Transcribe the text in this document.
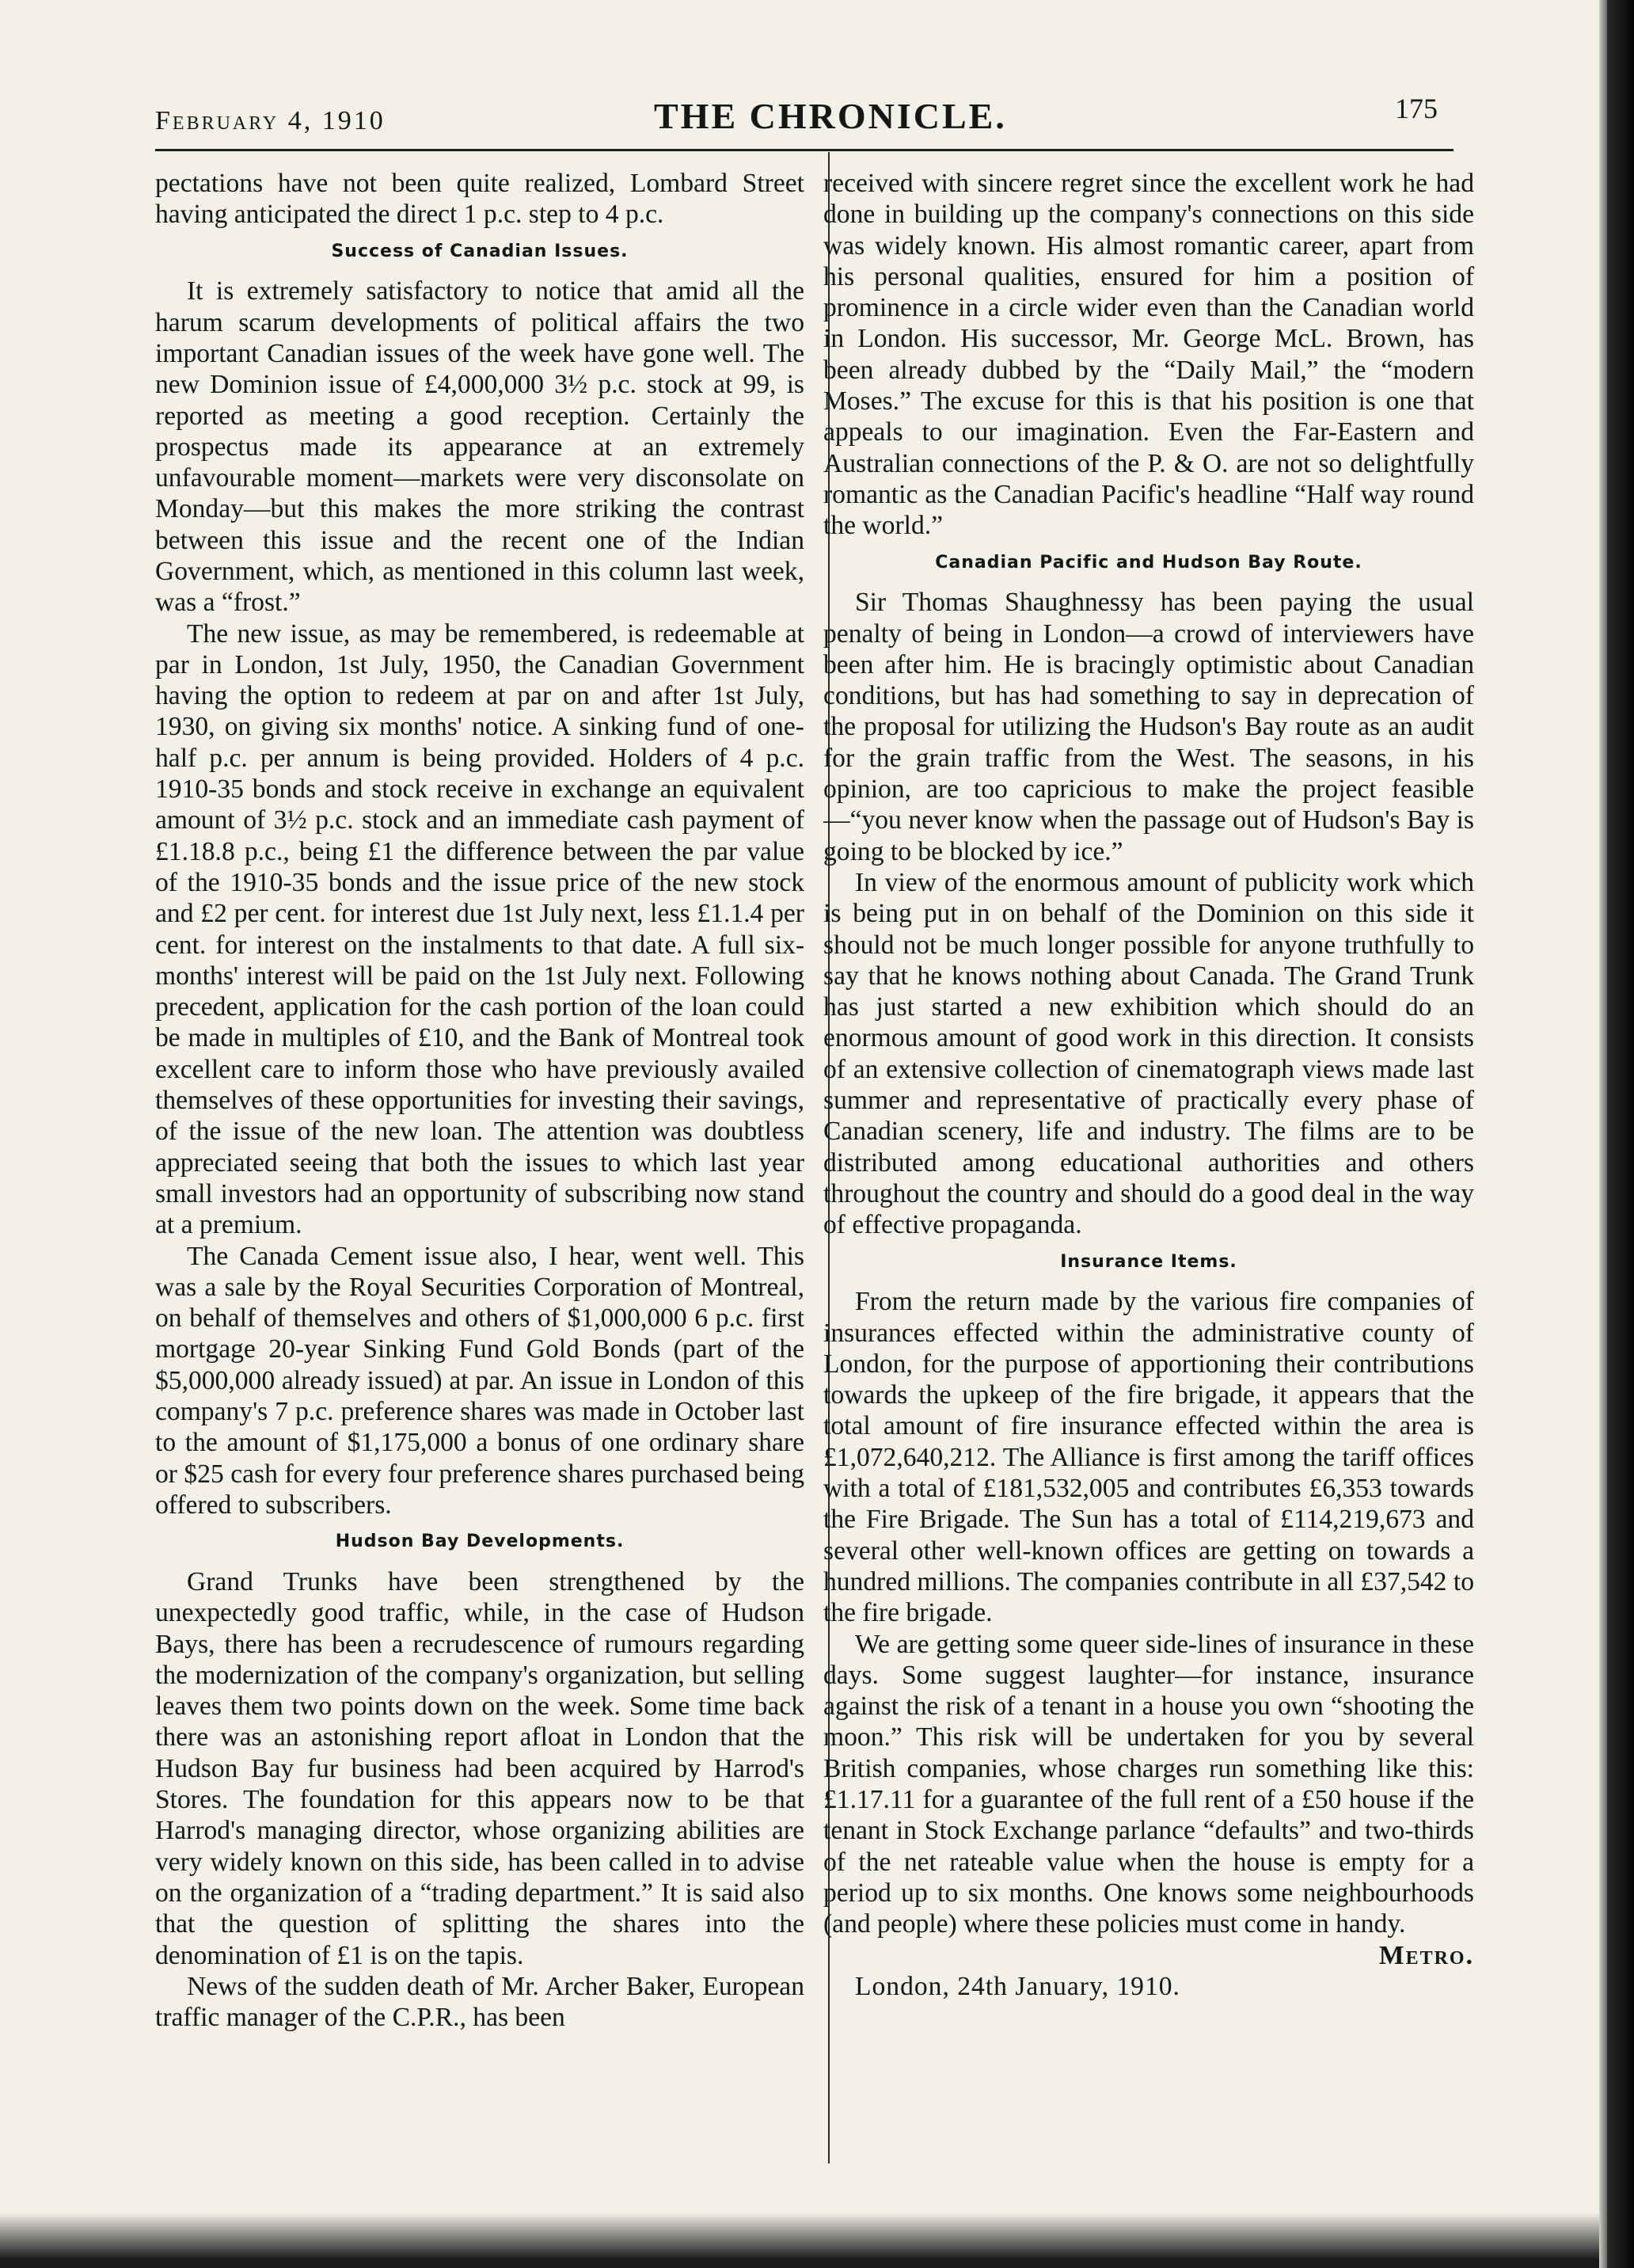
February 4, 1910	THE CHRONICLE.	175

pectations have not been quite realized, Lombard Street having anticipated the direct 1 p.c. step to 4 p.c.

Success of Canadian Issues.

It is extremely satisfactory to notice that amid all the harum scarum developments of political affairs the two important Canadian issues of the week have gone well. The new Dominion issue of £4,000,000 3½ p.c. stock at 99, is reported as meeting a good reception. Certainly the prospectus made its appearance at an extremely unfavourable moment—markets were very disconsolate on Monday—but this makes the more striking the contrast between this issue and the recent one of the Indian Government, which, as mentioned in this column last week, was a “frost.”

The new issue, as may be remembered, is redeemable at par in London, 1st July, 1950, the Canadian Government having the option to redeem at par on and after 1st July, 1930, on giving six months' notice. A sinking fund of one-half p.c. per annum is being provided. Holders of 4 p.c. 1910-35 bonds and stock receive in exchange an equivalent amount of 3½ p.c. stock and an immediate cash payment of £1.18.8 p.c., being £1 the difference between the par value of the 1910-35 bonds and the issue price of the new stock and £2 per cent. for interest due 1st July next, less £1.1.4 per cent. for interest on the instalments to that date. A full six-months' interest will be paid on the 1st July next. Following precedent, application for the cash portion of the loan could be made in multiples of £10, and the Bank of Montreal took excellent care to inform those who have previously availed themselves of these opportunities for investing their savings, of the issue of the new loan. The attention was doubtless appreciated seeing that both the issues to which last year small investors had an opportunity of subscribing now stand at a premium.

The Canada Cement issue also, I hear, went well. This was a sale by the Royal Securities Corporation of Montreal, on behalf of themselves and others of $1,000,000 6 p.c. first mortgage 20-year Sinking Fund Gold Bonds (part of the $5,000,000 already issued) at par. An issue in London of this company's 7 p.c. preference shares was made in October last to the amount of $1,175,000 a bonus of one ordinary share or $25 cash for every four preference shares purchased being offered to subscribers.

Hudson Bay Developments.

Grand Trunks have been strengthened by the unexpectedly good traffic, while, in the case of Hudson Bays, there has been a recrudescence of rumours regarding the modernization of the company's organization, but selling leaves them two points down on the week. Some time back there was an astonishing report afloat in London that the Hudson Bay fur business had been acquired by Harrod's Stores. The foundation for this appears now to be that Harrod's managing director, whose organizing abilities are very widely known on this side, has been called in to advise on the organization of a “trading department.” It is said also that the question of splitting the shares into the denomination of £1 is on the tapis.

News of the sudden death of Mr. Archer Baker, European traffic manager of the C.P.R., has been

received with sincere regret since the excellent work he had done in building up the company's connections on this side was widely known. His almost romantic career, apart from his personal qualities, ensured for him a position of prominence in a circle wider even than the Canadian world in London. His successor, Mr. George McL. Brown, has been already dubbed by the “Daily Mail,” the “modern Moses.” The excuse for this is that his position is one that appeals to our imagination. Even the Far-Eastern and Australian connections of the P. & O. are not so delightfully romantic as the Canadian Pacific's headline “Half way round the world.”

Canadian Pacific and Hudson Bay Route.

Sir Thomas Shaughnessy has been paying the usual penalty of being in London—a crowd of interviewers have been after him. He is bracingly optimistic about Canadian conditions, but has had something to say in deprecation of the proposal for utilizing the Hudson's Bay route as an audit for the grain traffic from the West. The seasons, in his opinion, are too capricious to make the project feasible—“you never know when the passage out of Hudson's Bay is going to be blocked by ice.”

In view of the enormous amount of publicity work which is being put in on behalf of the Dominion on this side it should not be much longer possible for anyone truthfully to say that he knows nothing about Canada. The Grand Trunk has just started a new exhibition which should do an enormous amount of good work in this direction. It consists of an extensive collection of cinematograph views made last summer and representative of practically every phase of Canadian scenery, life and industry. The films are to be distributed among educational authorities and others throughout the country and should do a good deal in the way of effective propaganda.

Insurance Items.

From the return made by the various fire companies of insurances effected within the administrative county of London, for the purpose of apportioning their contributions towards the upkeep of the fire brigade, it appears that the total amount of fire insurance effected within the area is £1,072,640,212. The Alliance is first among the tariff offices with a total of £181,532,005 and contributes £6,353 towards the Fire Brigade. The Sun has a total of £114,219,673 and several other well-known offices are getting on towards a hundred millions. The companies contribute in all £37,542 to the fire brigade.

We are getting some queer side-lines of insurance in these days. Some suggest laughter—for instance, insurance against the risk of a tenant in a house you own “shooting the moon.” This risk will be undertaken for you by several British companies, whose charges run something like this: £1.17.11 for a guarantee of the full rent of a £50 house if the tenant in Stock Exchange parlance “defaults” and two-thirds of the net rateable value when the house is empty for a period up to six months. One knows some neighbourhoods (and people) where these policies must come in handy.

Metro.

London, 24th January, 1910.
